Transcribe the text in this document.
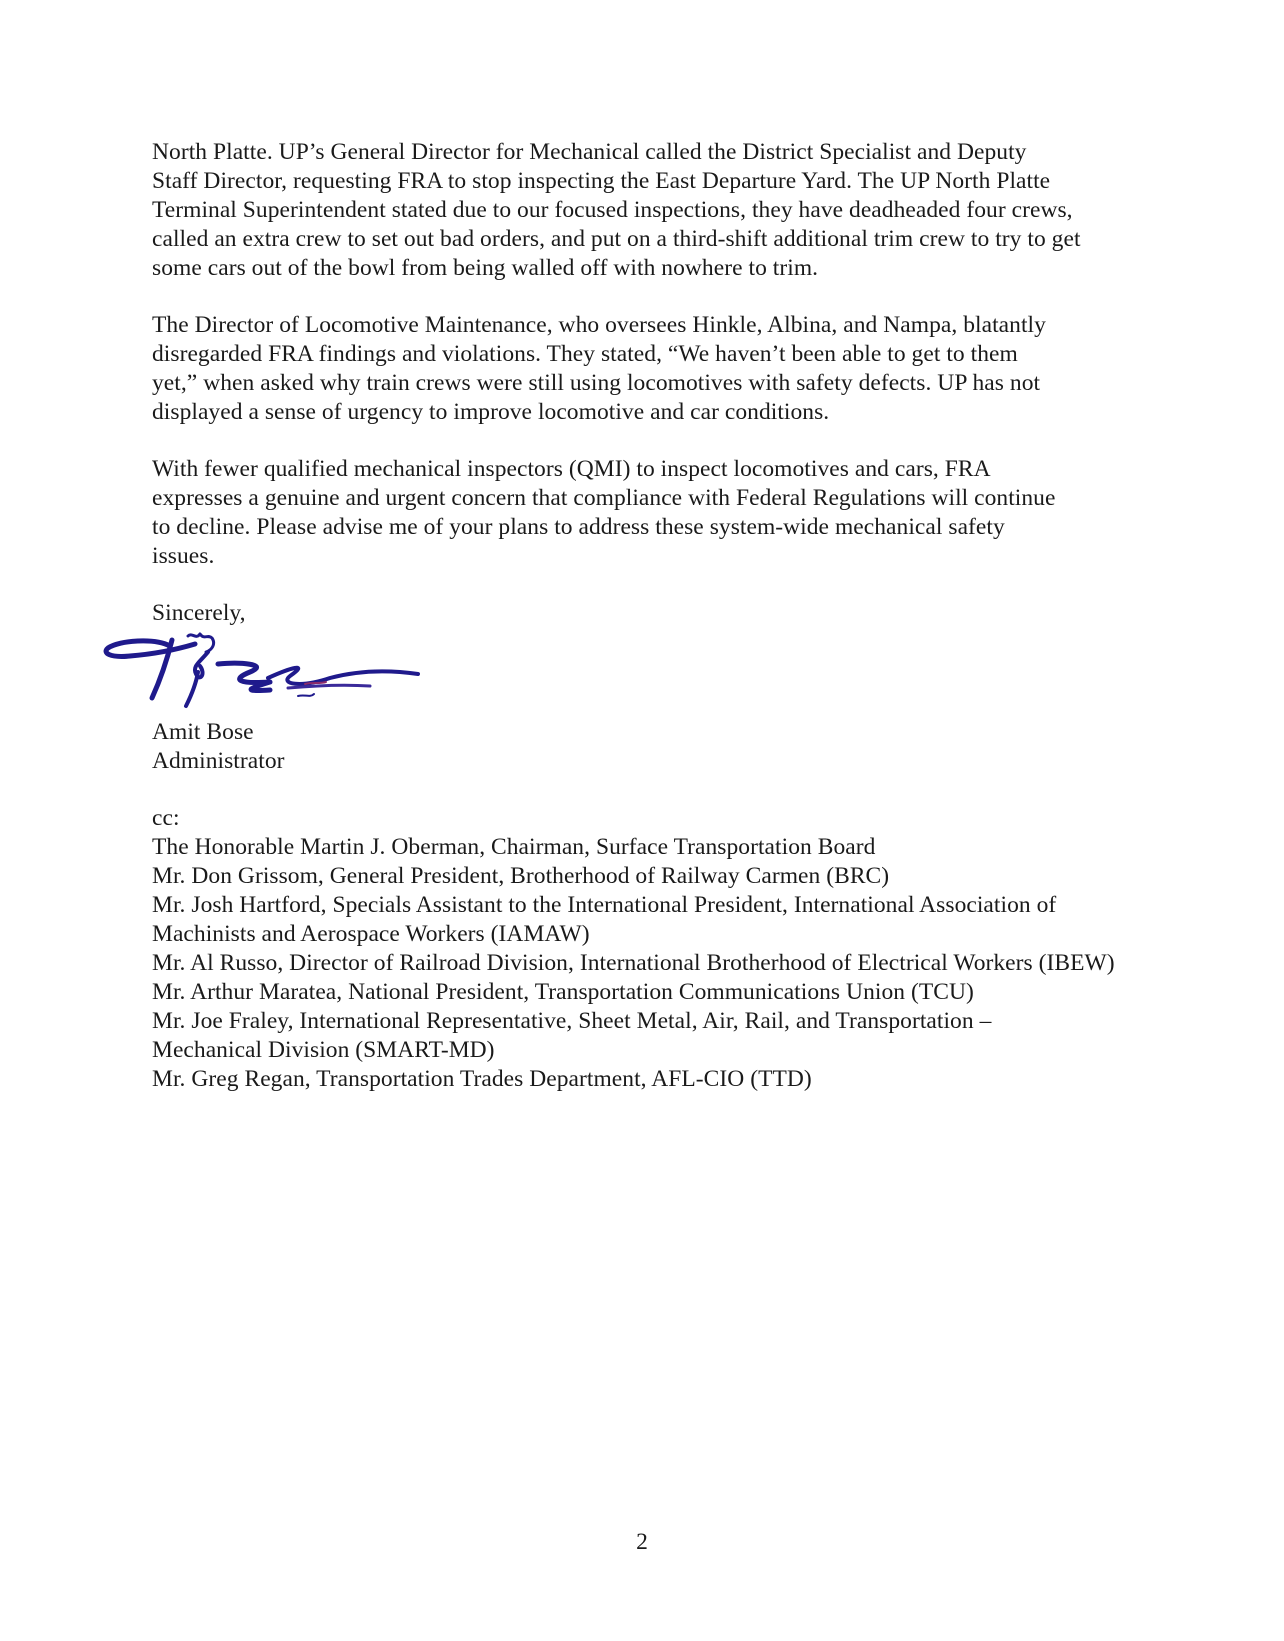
North Platte. UP’s General Director for Mechanical called the District Specialist and Deputy
Staff Director, requesting FRA to stop inspecting the East Departure Yard. The UP North Platte
Terminal Superintendent stated due to our focused inspections, they have deadheaded four crews,
called an extra crew to set out bad orders, and put on a third-shift additional trim crew to try to get
some cars out of the bowl from being walled off with nowhere to trim.
The Director of Locomotive Maintenance, who oversees Hinkle, Albina, and Nampa, blatantly
disregarded FRA findings and violations. They stated, “We haven’t been able to get to them
yet,” when asked why train crews were still using locomotives with safety defects. UP has not
displayed a sense of urgency to improve locomotive and car conditions.
With fewer qualified mechanical inspectors (QMI) to inspect locomotives and cars, FRA
expresses a genuine and urgent concern that compliance with Federal Regulations will continue
to decline. Please advise me of your plans to address these system-wide mechanical safety
issues.
Sincerely,
Amit Bose
Administrator
cc:
The Honorable Martin J. Oberman, Chairman, Surface Transportation Board
Mr. Don Grissom, General President, Brotherhood of Railway Carmen (BRC)
Mr. Josh Hartford, Specials Assistant to the International President, International Association of
Machinists and Aerospace Workers (IAMAW)
Mr. Al Russo, Director of Railroad Division, International Brotherhood of Electrical Workers (IBEW)
Mr. Arthur Maratea, National President, Transportation Communications Union (TCU)
Mr. Joe Fraley, International Representative, Sheet Metal, Air, Rail, and Transportation –
Mechanical Division (SMART-MD)
Mr. Greg Regan, Transportation Trades Department, AFL-CIO (TTD)
2
